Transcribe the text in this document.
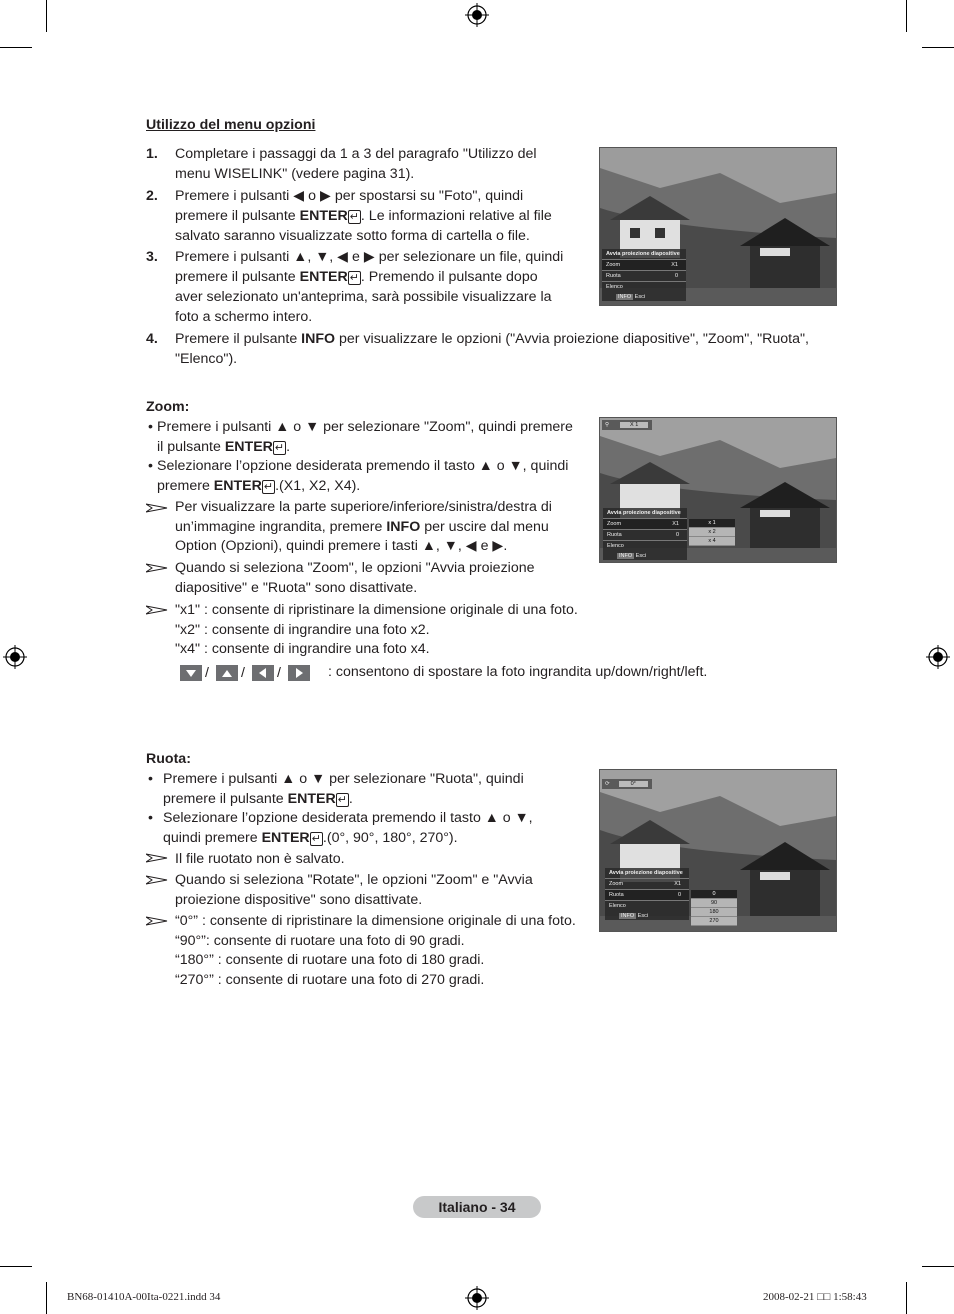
Utilizzo del menu opzioni
1. Completare i passaggi da 1 a 3 del paragrafo "Utilizzo del
menu WISELINK" (vedere pagina 31).
2. Premere i pulsanti ◀ o ▶ per spostarsi su "Foto", quindi
premere il pulsante ENTER ↵ . Le informazioni relative al file
salvato saranno visualizzate sotto forma di cartella o file.
3. Premere i pulsanti ▲, ▼, ◀ e ▶ per selezionare un file, quindi
premere il pulsante ENTER ↵ . Premendo il pulsante dopo
aver selezionato un'anteprima, sarà possibile visualizzare la
foto a schermo intero.
4. Premere il pulsante INFO per visualizzare le opzioni ("Avvia proiezione diapositive", "Zoom", "Ruota",
"Elenco").
Avvia proiezione diapositive
Zoom	X1
Ruota	0
Elenco
INFO Esci
Zoom:
• Premere i pulsanti ▲ o ▼ per selezionare "Zoom", quindi premere
il pulsante ENTER ↵ .
• Selezionare l’opzione desiderata premendo il tasto ▲ o ▼, quindi
premere ENTER ↵ .(X1, X2, X4).
Per visualizzare la parte superiore/inferiore/sinistra/destra di
un’immagine ingrandita, premere INFO per uscire dal menu
Option (Opzioni), quindi premere i tasti ▲, ▼, ◀ e ▶.
Quando si seleziona "Zoom", le opzioni "Avvia proiezione
diapositive" e "Ruota" sono disattivate.
"x1" : consente di ripristinare la dimensione originale di una foto.
"x2" : consente di ingrandire una foto x2.
"x4" : consente di ingrandire una foto x4.
/ / /	: consentono di spostare la foto ingrandita up/down/right/left.
⚲	X 1
Avvia proiezione diapositive
Zoom	X1
Ruota	0
Elenco
INFO Esci
x 1
x 2
x 4
Ruota:
• Premere i pulsanti ▲ o ▼ per selezionare "Ruota", quindi
premere il pulsante ENTER ↵ .
• Selezionare l’opzione desiderata premendo il tasto ▲ o ▼,
quindi premere ENTER ↵ .(0°, 90°, 180°, 270°).
Il file ruotato non è salvato.
Quando si seleziona "Rotate", le opzioni "Zoom" e "Avvia
proiezione dispositive" sono disattivate.
“0°” : consente di ripristinare la dimensione originale di una foto.
“90°”: consente di ruotare una foto di 90 gradi.
“180°” : consente di ruotare una foto di 180 gradi.
“270°” : consente di ruotare una foto di 270 gradi.
⟳	0°
Avvia proiezione diapositive
Zoom	X1
Ruota	0
Elenco
INFO Esci
0
90
180
270
Italiano - 34
BN68-01410A-00Ita-0221.indd 34	2008-02-21 □□ 1:58:43
